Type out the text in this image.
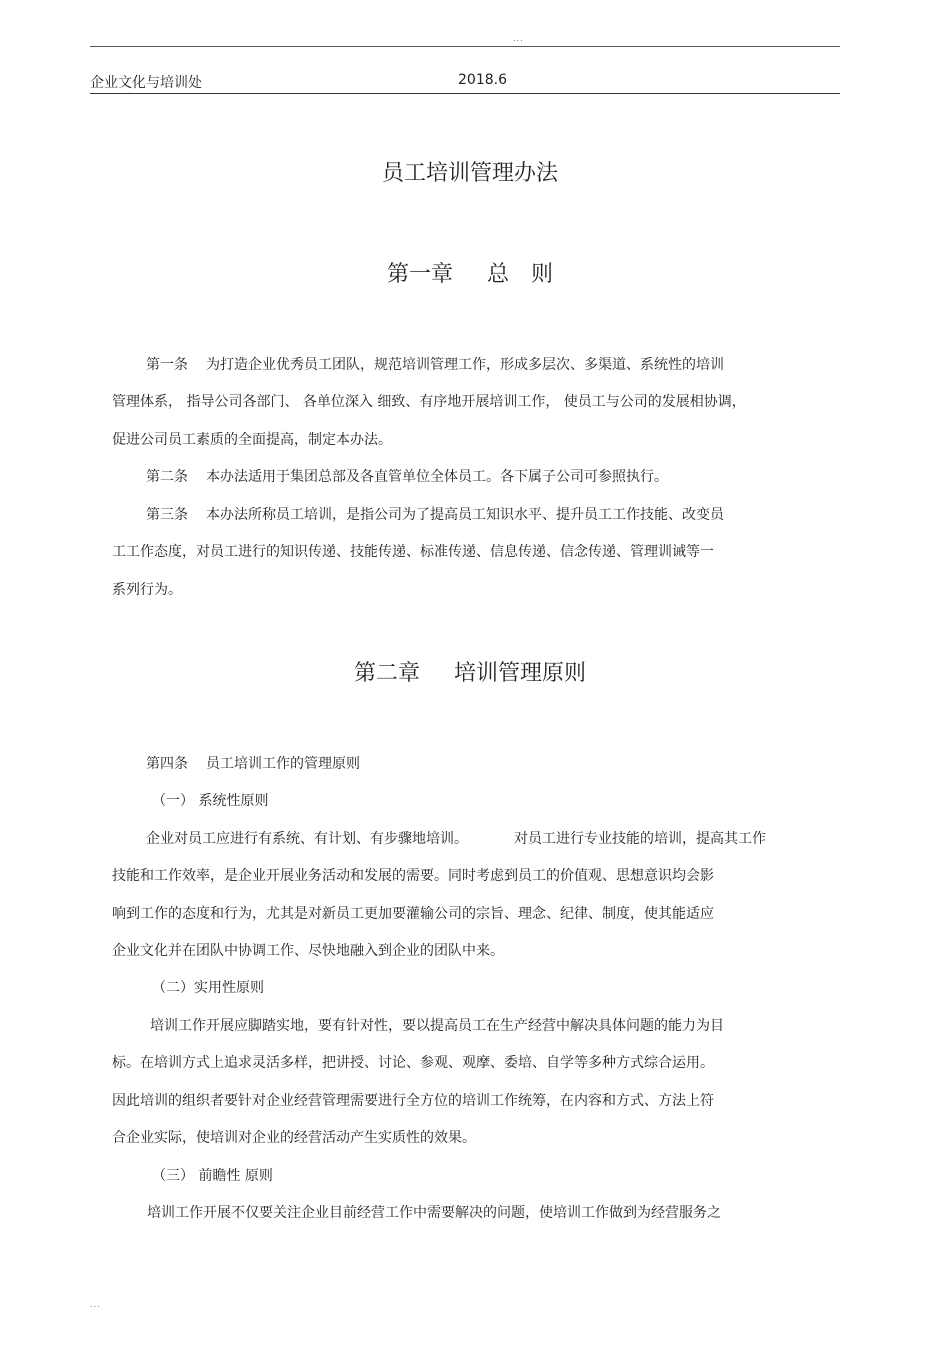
...
企业文化与培训处	2018.6
员工培训管理办法
第一章 总　则
第一条 为打造企业优秀员工团队，规范培训管理工作，形成多层次、多渠道、系统性的培训
管理体系， 指导公司各部门、 各单位深入 细致、有序地开展培训工作， 使员工与公司的发展相协调，
促进公司员工素质的全面提高，制定本办法。
第二条 本办法适用于集团总部及各直管单位全体员工。各下属子公司可参照执行。
第三条 本办法所称员工培训，是指公司为了提高员工知识水平、提升员工工作技能、改变员
工工作态度，对员工进行的知识传递、技能传递、标准传递、信息传递、信念传递、管理训诫等一
系列行为。
第二章 培训管理原则
第四条 员工培训工作的管理原则
（一） 系统性原则
企业对员工应进行有系统、有计划、有步骤地培训。	对员工进行专业技能的培训，提高其工作
技能和工作效率，是企业开展业务活动和发展的需要。同时考虑到员工的价值观、思想意识均会影
响到工作的态度和行为，尤其是对新员工更加要灌输公司的宗旨、理念、纪律、制度，使其能适应
企业文化并在团队中协调工作、尽快地融入到企业的团队中来。
（二）实用性原则
培训工作开展应脚踏实地，要有针对性，要以提高员工在生产经营中解决具体问题的能力为目
标。在培训方式上追求灵活多样，把讲授、讨论、参观、观摩、委培、自学等多种方式综合运用。
因此培训的组织者要针对企业经营管理需要进行全方位的培训工作统筹，在内容和方式、方法上符
合企业实际，使培训对企业的经营活动产生实质性的效果。
（三） 前瞻性 原则
培训工作开展不仅要关注企业目前经营工作中需要解决的问题，使培训工作做到为经营服务之
...
